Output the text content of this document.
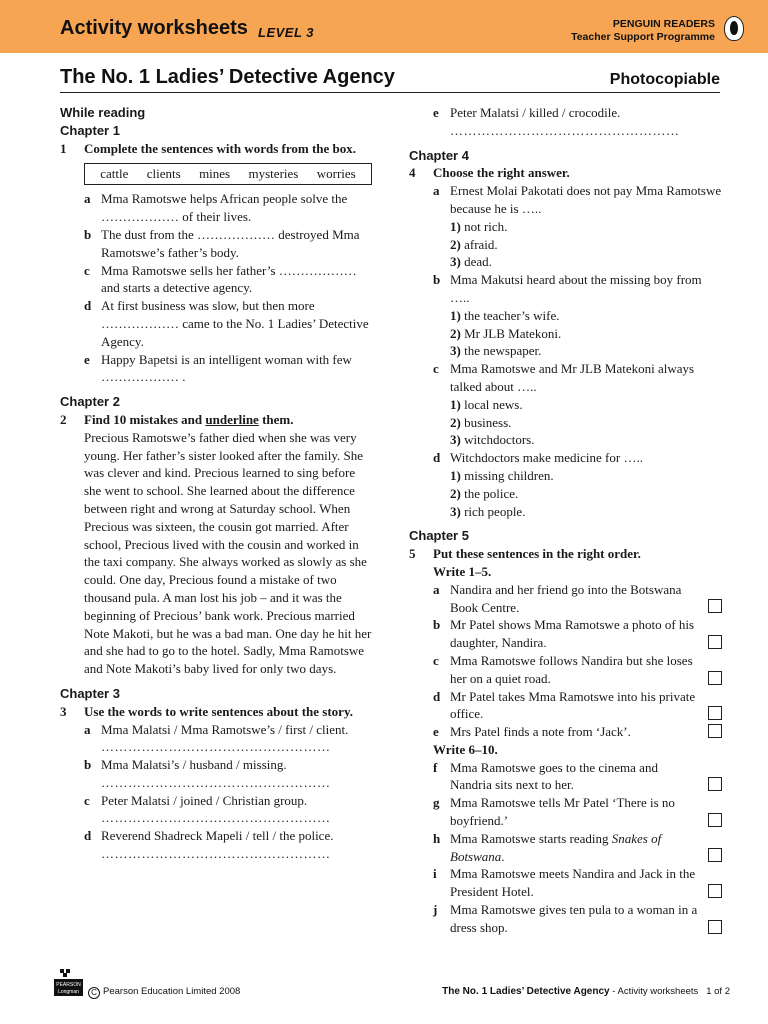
Activity worksheets LEVEL 3
PENGUIN READERS
Teacher Support Programme
The No. 1 Ladies’ Detective Agency	Photocopiable
While reading
Chapter 1
1 Complete the sentences with words from the box.
cattle clients mines mysteries worries
a Mma Ramotswe helps African people solve the ……………… of their lives.
b The dust from the ……………… destroyed Mma Ramotswe’s father’s body.
c Mma Ramotswe sells her father’s ……………… and starts a detective agency.
d At first business was slow, but then more ……………… came to the No. 1 Ladies’ Detective Agency.
e Happy Bapetsi is an intelligent woman with few ……………… .
Chapter 2
2 Find 10 mistakes and underline them.
Precious Ramotswe’s father died when she was very young. Her father’s sister looked after the family. She was clever and kind. Precious learned to sing before she went to school. She learned about the difference between right and wrong at Saturday school. When Precious was sixteen, the cousin got married. After school, Precious lived with the cousin and worked in the taxi company. She always worked as slowly as she could. One day, Precious found a mistake of two thousand pula. A man lost his job – and it was the beginning of Precious’ bank work. Precious married Note Makoti, but he was a bad man. One day he hit her and she had to go to the hotel. Sadly, Mma Ramotswe and Note Makoti’s baby lived for only two days.
Chapter 3
3 Use the words to write sentences about the story.
a Mma Malatsi / Mma Ramotswe’s / first / client.
……………………………………………
b Mma Malatsi’s / husband / missing.
……………………………………………
c Peter Malatsi / joined / Christian group.
……………………………………………
d Reverend Shadreck Mapeli / tell / the police.
……………………………………………
e Peter Malatsi / killed / crocodile.
……………………………………………
Chapter 4
4 Choose the right answer.
a Ernest Molai Pakotati does not pay Mma Ramotswe because he is …..
1) not rich.
2) afraid.
3) dead.
b Mma Makutsi heard about the missing boy from …..
1) the teacher’s wife.
2) Mr JLB Matekoni.
3) the newspaper.
c Mma Ramotswe and Mr JLB Matekoni always talked about …..
1) local news.
2) business.
3) witchdoctors.
d Witchdoctors make medicine for …..
1) missing children.
2) the police.
3) rich people.
Chapter 5
5 Put these sentences in the right order.
Write 1–5.
a Nandira and her friend go into the Botswana Book Centre.
b Mr Patel shows Mma Ramotswe a photo of his daughter, Nandira.
c Mma Ramotswe follows Nandira but she loses her on a quiet road.
d Mr Patel takes Mma Ramotswe into his private office.
e Mrs Patel finds a note from ‘Jack’.
Write 6–10.
f Mma Ramotswe goes to the cinema and Nandria sits next to her.
g Mma Ramotswe tells Mr Patel ‘There is no boyfriend.’
h Mma Ramotswe starts reading Snakes of Botswana.
i Mma Ramotswe meets Nandira and Jack in the President Hotel.
j Mma Ramotswe gives ten pula to a woman in a dress shop.
PEARSON
Longman	C Pearson Education Limited 2008	The No. 1 Ladies’ Detective Agency - Activity worksheets 1 of 2
